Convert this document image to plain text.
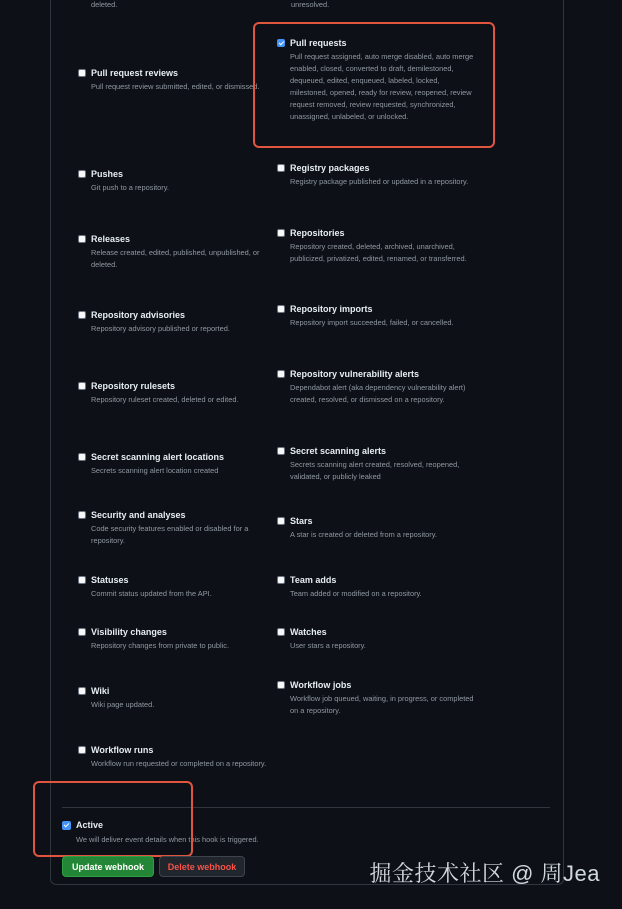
deleted.	unresolved.
Pull request reviews
Pull request review submitted, edited, or dismissed.
Pushes
Git push to a repository.
Releases
Release created, edited, published, unpublished, or deleted.
Repository advisories
Repository advisory published or reported.
Repository rulesets
Repository ruleset created, deleted or edited.
Secret scanning alert locations
Secrets scanning alert location created
Security and analyses
Code security features enabled or disabled for a repository.
Statuses
Commit status updated from the API.
Visibility changes
Repository changes from private to public.
Wiki
Wiki page updated.
Workflow runs
Workflow run requested or completed on a repository.
Pull requests
Pull request assigned, auto merge disabled, auto merge enabled, closed, converted to draft, demilestoned, dequeued, edited, enqueued, labeled, locked, milestoned, opened, ready for review, reopened, review request removed, review requested, synchronized, unassigned, unlabeled, or unlocked.
Registry packages
Registry package published or updated in a repository.
Repositories
Repository created, deleted, archived, unarchived, publicized, privatized, edited, renamed, or transferred.
Repository imports
Repository import succeeded, failed, or cancelled.
Repository vulnerability alerts
Dependabot alert (aka dependency vulnerability alert) created, resolved, or dismissed on a repository.
Secret scanning alerts
Secrets scanning alert created, resolved, reopened, validated, or publicly leaked
Stars
A star is created or deleted from a repository.
Team adds
Team added or modified on a repository.
Watches
User stars a repository.
Workflow jobs
Workflow job queued, waiting, in progress, or completed on a repository.
Active
We will deliver event details when this hook is triggered.
Update webhook	Delete webhook	掘金技术社区 @ 周Jea
